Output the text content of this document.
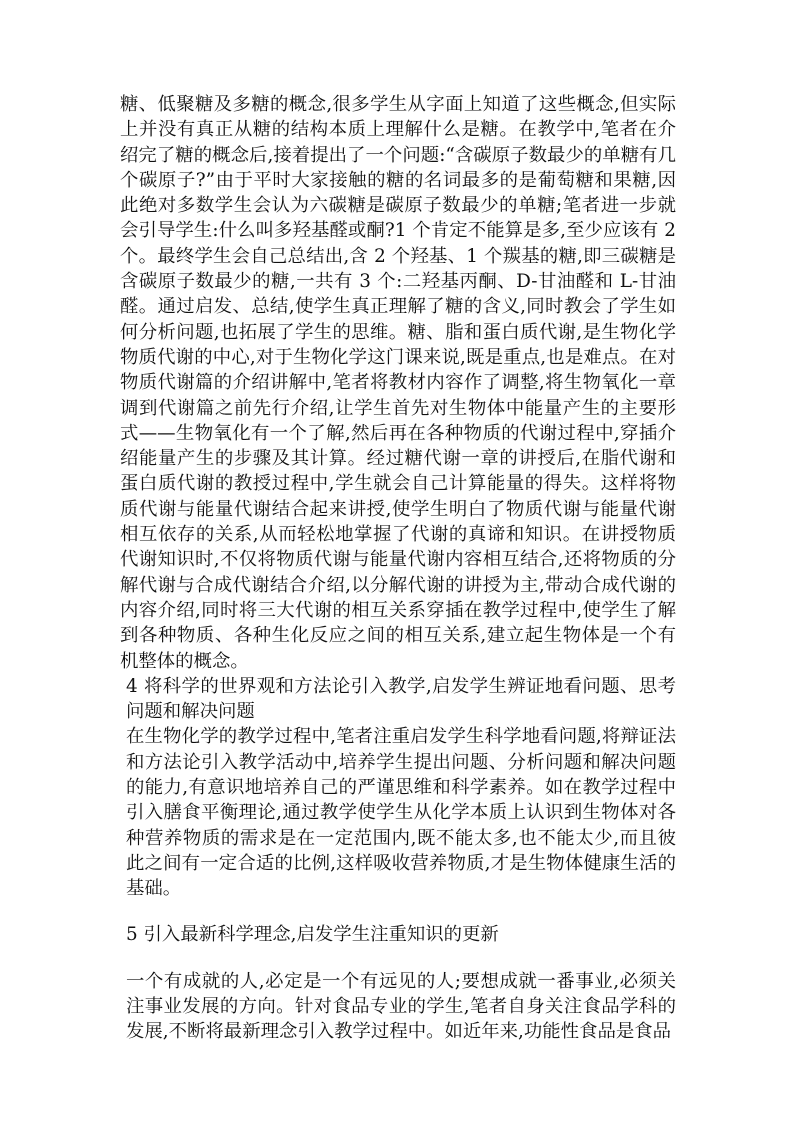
糖、低聚糖及多糖的概念,很多学生从字面上知道了这些概念,但实际上并没有真正从糖的结构本质上理解什么是糖。在教学中,笔者在介绍完了糖的概念后,接着提出了一个问题:“含碳原子数最少的单糖有几个碳原子?”由于平时大家接触的糖的名词最多的是葡萄糖和果糖,因此绝对多数学生会认为六碳糖是碳原子数最少的单糖;笔者进一步就会引导学生:什么叫多羟基醛或酮?1 个肯定不能算是多,至少应该有 2 个。最终学生会自己总结出,含 2 个羟基、1 个羰基的糖,即三碳糖是含碳原子数最少的糖,一共有 3 个:二羟基丙酮、D-甘油醛和 L-甘油醛。通过启发、总结,使学生真正理解了糖的含义,同时教会了学生如何分析问题,也拓展了学生的思维。糖、脂和蛋白质代谢,是生物化学物质代谢的中心,对于生物化学这门课来说,既是重点,也是难点。在对物质代谢篇的介绍讲解中,笔者将教材内容作了调整,将生物氧化一章调到代谢篇之前先行介绍,让学生首先对生物体中能量产生的主要形式——生物氧化有一个了解,然后再在各种物质的代谢过程中,穿插介绍能量产生的步骤及其计算。经过糖代谢一章的讲授后,在脂代谢和蛋白质代谢的教授过程中,学生就会自己计算能量的得失。这样将物质代谢与能量代谢结合起来讲授,使学生明白了物质代谢与能量代谢相互依存的关系,从而轻松地掌握了代谢的真谛和知识。在讲授物质代谢知识时,不仅将物质代谢与能量代谢内容相互结合,还将物质的分解代谢与合成代谢结合介绍,以分解代谢的讲授为主,带动合成代谢的内容介绍,同时将三大代谢的相互关系穿插在教学过程中,使学生了解到各种物质、各种生化反应之间的相互关系,建立起生物体是一个有机整体的概念。

4 将科学的世界观和方法论引入教学,启发学生辨证地看问题、思考问题和解决问题

在生物化学的教学过程中,笔者注重启发学生科学地看问题,将辩证法和方法论引入教学活动中,培养学生提出问题、分析问题和解决问题的能力,有意识地培养自己的严谨思维和科学素养。如在教学过程中引入膳食平衡理论,通过教学使学生从化学本质上认识到生物体对各种营养物质的需求是在一定范围内,既不能太多,也不能太少,而且彼此之间有一定合适的比例,这样吸收营养物质,才是生物体健康生活的基础。

5 引入最新科学理念,启发学生注重知识的更新

一个有成就的人,必定是一个有远见的人;要想成就一番事业,必须关注事业发展的方向。针对食品专业的学生,笔者自身关注食品学科的发展,不断将最新理念引入教学过程中。如近年来,功能性食品是食品
